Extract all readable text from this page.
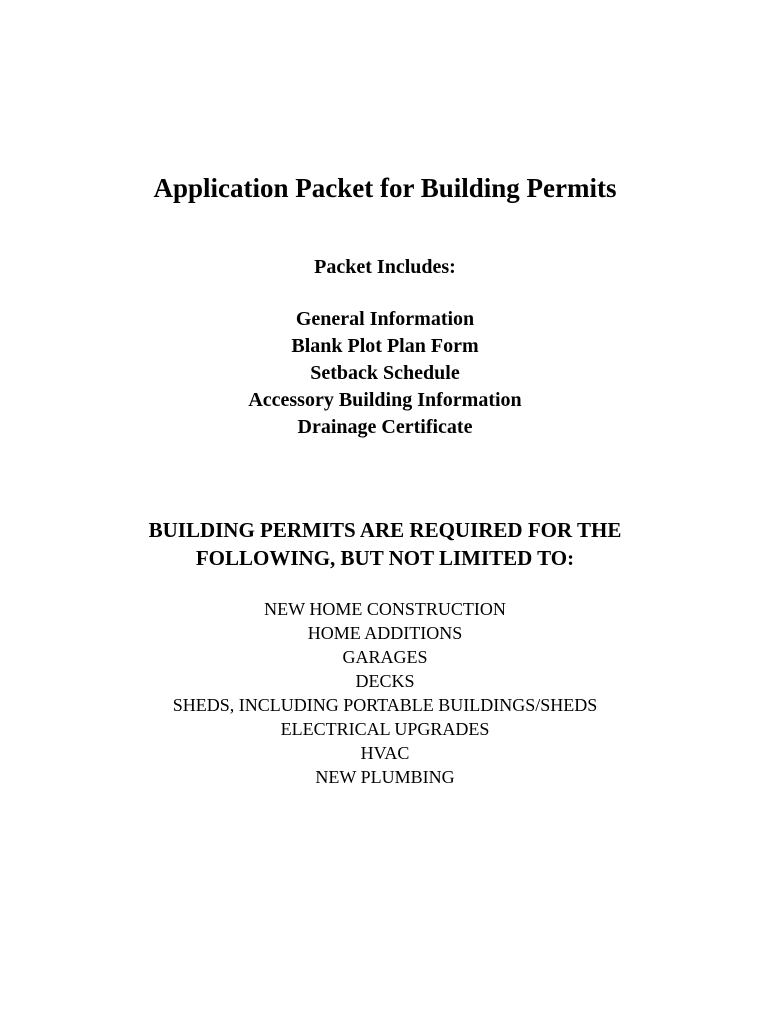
Application Packet for Building Permits
Packet Includes:
General Information
Blank Plot Plan Form
Setback Schedule
Accessory Building Information
Drainage Certificate
BUILDING PERMITS ARE REQUIRED FOR THE
FOLLOWING, BUT NOT LIMITED TO:
NEW HOME CONSTRUCTION
HOME ADDITIONS
GARAGES
DECKS
SHEDS, INCLUDING PORTABLE BUILDINGS/SHEDS
ELECTRICAL UPGRADES
HVAC
NEW PLUMBING
